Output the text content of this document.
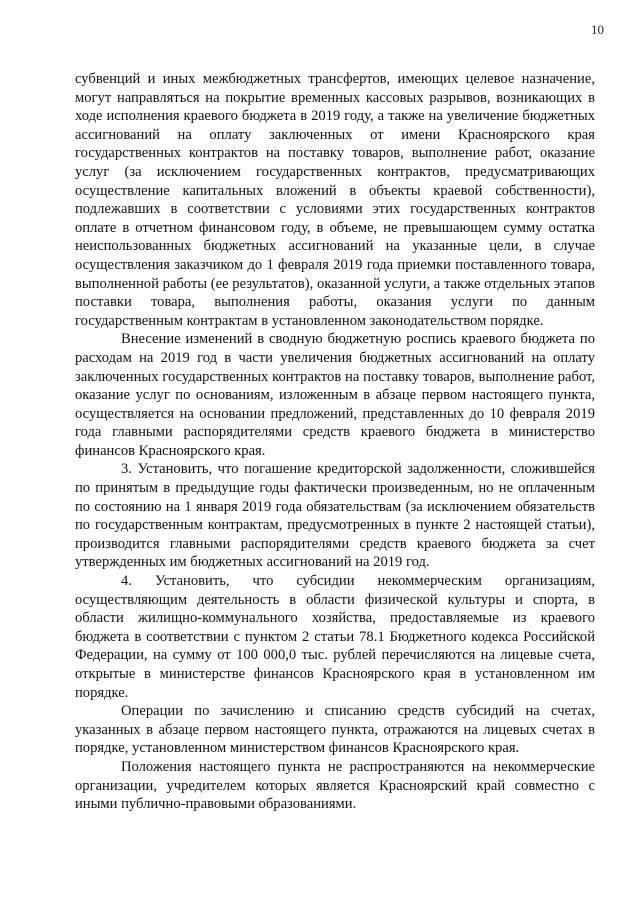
10

субвенций и иных межбюджетных трансфертов, имеющих целевое назначение, могут направляться на покрытие временных кассовых разрывов, возникающих в ходе исполнения краевого бюджета в 2019 году, а также на увеличение бюджетных ассигнований на оплату заключенных от имени Красноярского края государственных контрактов на поставку товаров, выполнение работ, оказание услуг (за исключением государственных контрактов, предусматривающих осуществление капитальных вложений в объекты краевой собственности), подлежавших в соответствии с условиями этих государственных контрактов оплате в отчетном финансовом году, в объеме, не превышающем сумму остатка неиспользованных бюджетных ассигнований на указанные цели, в случае осуществления заказчиком до 1 февраля 2019 года приемки поставленного товара, выполненной работы (ее результатов), оказанной услуги, а также отдельных этапов поставки товара, выполнения работы, оказания услуги по данным государственным контрактам в установленном законодательством порядке.

Внесение изменений в сводную бюджетную роспись краевого бюджета по расходам на 2019 год в части увеличения бюджетных ассигнований на оплату заключенных государственных контрактов на поставку товаров, выполнение работ, оказание услуг по основаниям, изложенным в абзаце первом настоящего пункта, осуществляется на основании предложений, представленных до 10 февраля 2019 года главными распорядителями средств краевого бюджета в министерство финансов Красноярского края.

3. Установить, что погашение кредиторской задолженности, сложившейся по принятым в предыдущие годы фактически произведенным, но не оплаченным по состоянию на 1 января 2019 года обязательствам (за исключением обязательств по государственным контрактам, предусмотренных в пункте 2 настоящей статьи), производится главными распорядителями средств краевого бюджета за счет утвержденных им бюджетных ассигнований на 2019 год.

4. Установить, что субсидии некоммерческим организациям, осуществляющим деятельность в области физической культуры и спорта, в области жилищно-коммунального хозяйства, предоставляемые из краевого бюджета в соответствии с пунктом 2 статьи 78.1 Бюджетного кодекса Российской Федерации, на сумму от 100 000,0 тыс. рублей перечисляются на лицевые счета, открытые в министерстве финансов Красноярского края в установленном им порядке.

Операции по зачислению и списанию средств субсидий на счетах, указанных в абзаце первом настоящего пункта, отражаются на лицевых счетах в порядке, установленном министерством финансов Красноярского края.

Положения настоящего пункта не распространяются на некоммерческие организации, учредителем которых является Красноярский край совместно с иными публично-правовыми образованиями.
